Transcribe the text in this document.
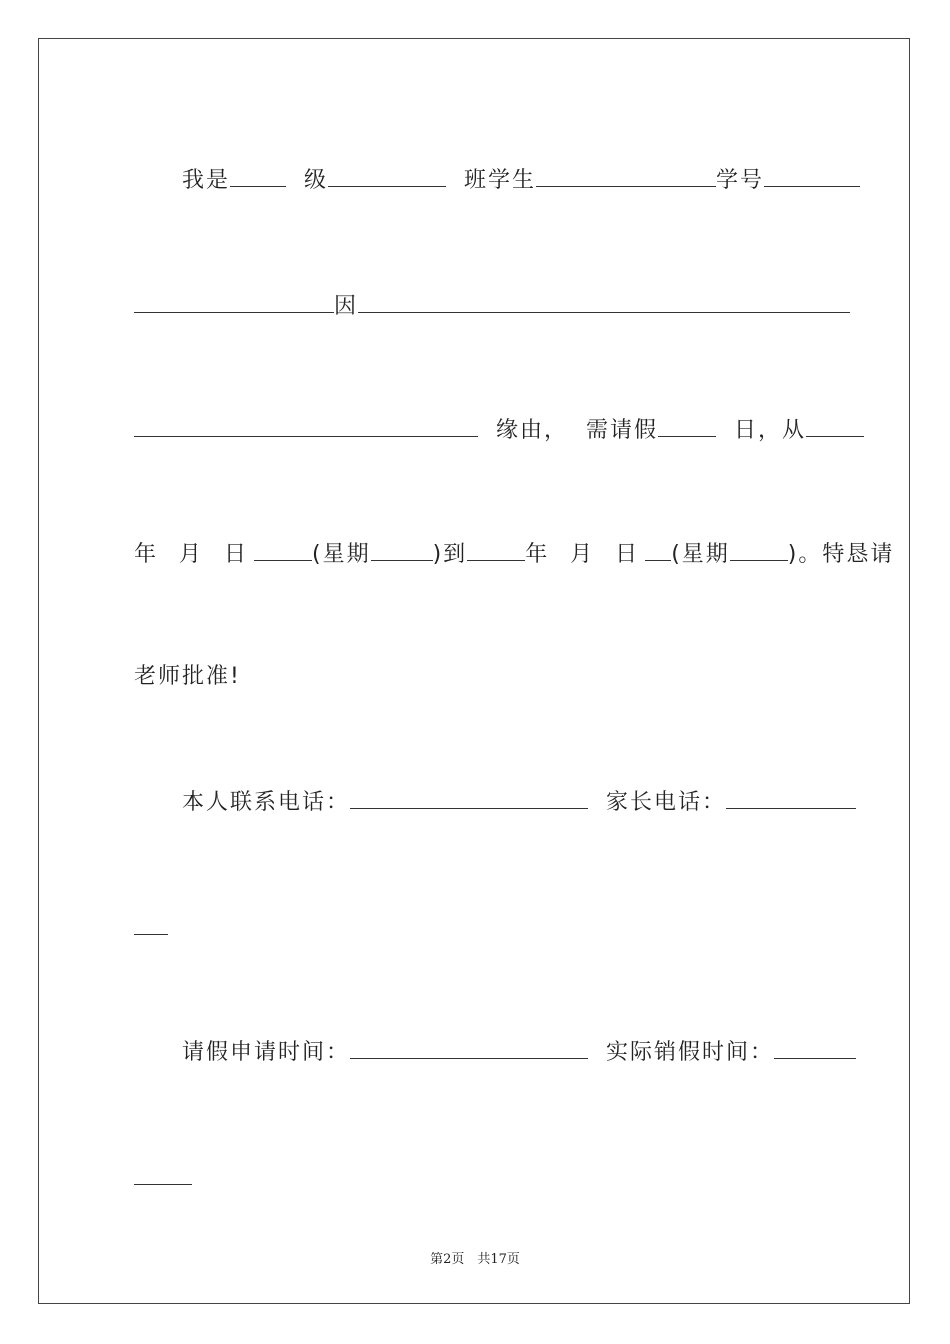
我是	级	班学生	学号

因

缘由， 需请假	日，从

年 月 日	(星期	)到	年 月 日 (星期	)。特恳请

老师批准!

本人联系电话：	家长电话：

请假申请时间：	实际销假时间：

第2页　共17页
